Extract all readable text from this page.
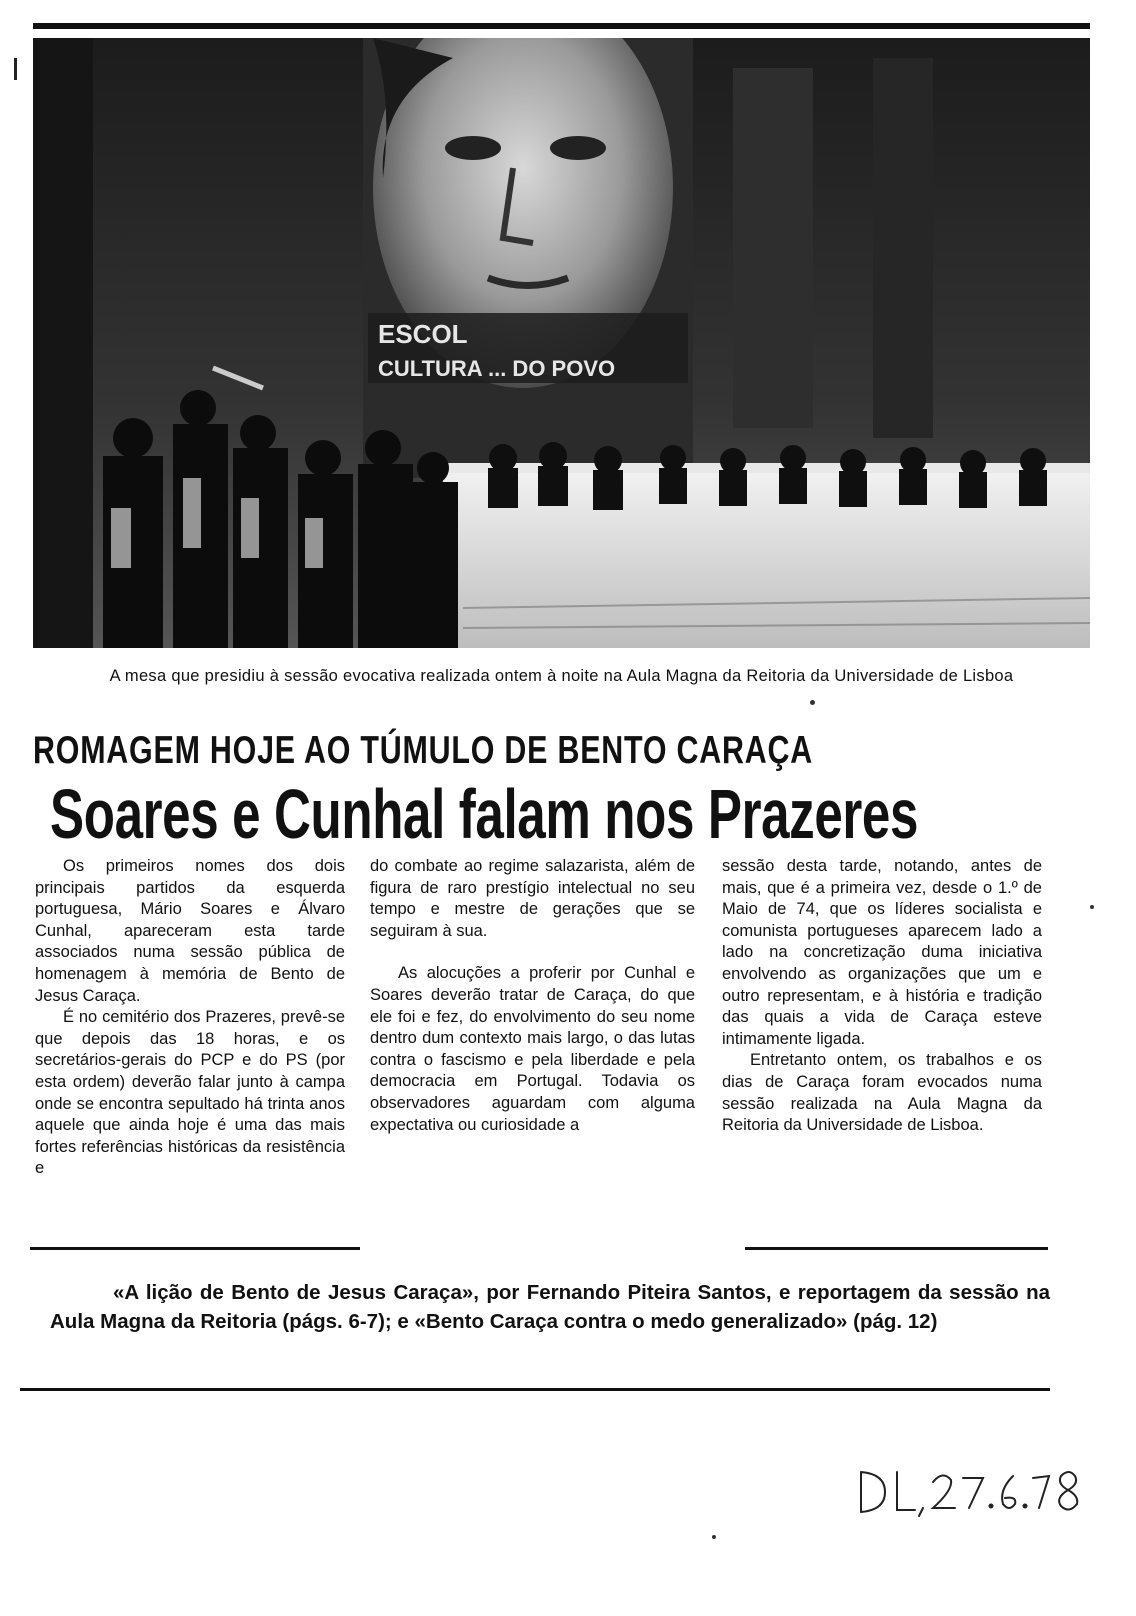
ESCOL
CULTURA ... DO POVO
A mesa que presidiu à sessão evocativa realizada ontem à noite na Aula Magna da Reitoria da Universidade de Lisboa
ROMAGEM HOJE AO TÚMULO DE BENTO CARAÇA
Soares e Cunhal falam nos Prazeres

Os primeiros nomes dos dois principais partidos da esquerda portuguesa, Mário Soares e Álvaro Cunhal, apareceram esta tarde associados numa sessão pública de homenagem à memória de Bento de Jesus Caraça.

É no cemitério dos Prazeres, prevê-se que depois das 18 horas, e os secretários-gerais do PCP e do PS (por esta ordem) deverão falar junto à campa onde se encontra sepultado há trinta anos aquele que ainda hoje é uma das mais fortes referências históricas da resistência e

do combate ao regime salazarista, além de figura de raro prestígio intelectual no seu tempo e mestre de gerações que se seguiram à sua.

As alocuções a proferir por Cunhal e Soares deverão tratar de Caraça, do que ele foi e fez, do envolvimento do seu nome dentro dum contexto mais largo, o das lutas contra o fascismo e pela liberdade e pela democracia em Portugal. Todavia os observadores aguardam com alguma expectativa ou curiosidade a

sessão desta tarde, notando, antes de mais, que é a primeira vez, desde o 1.º de Maio de 74, que os líderes socialista e comunista portugueses aparecem lado a lado na concretização duma iniciativa envolvendo as organizações que um e outro representam, e à história e tradição das quais a vida de Caraça esteve intimamente ligada.

Entretanto ontem, os trabalhos e os dias de Caraça foram evocados numa sessão realizada na Aula Magna da Reitoria da Universidade de Lisboa.

«A lição de Bento de Jesus Caraça», por Fernando Piteira Santos, e reportagem da sessão na Aula Magna da Reitoria (págs. 6-7); e «Bento Caraça contra o medo generalizado» (pág. 12)
